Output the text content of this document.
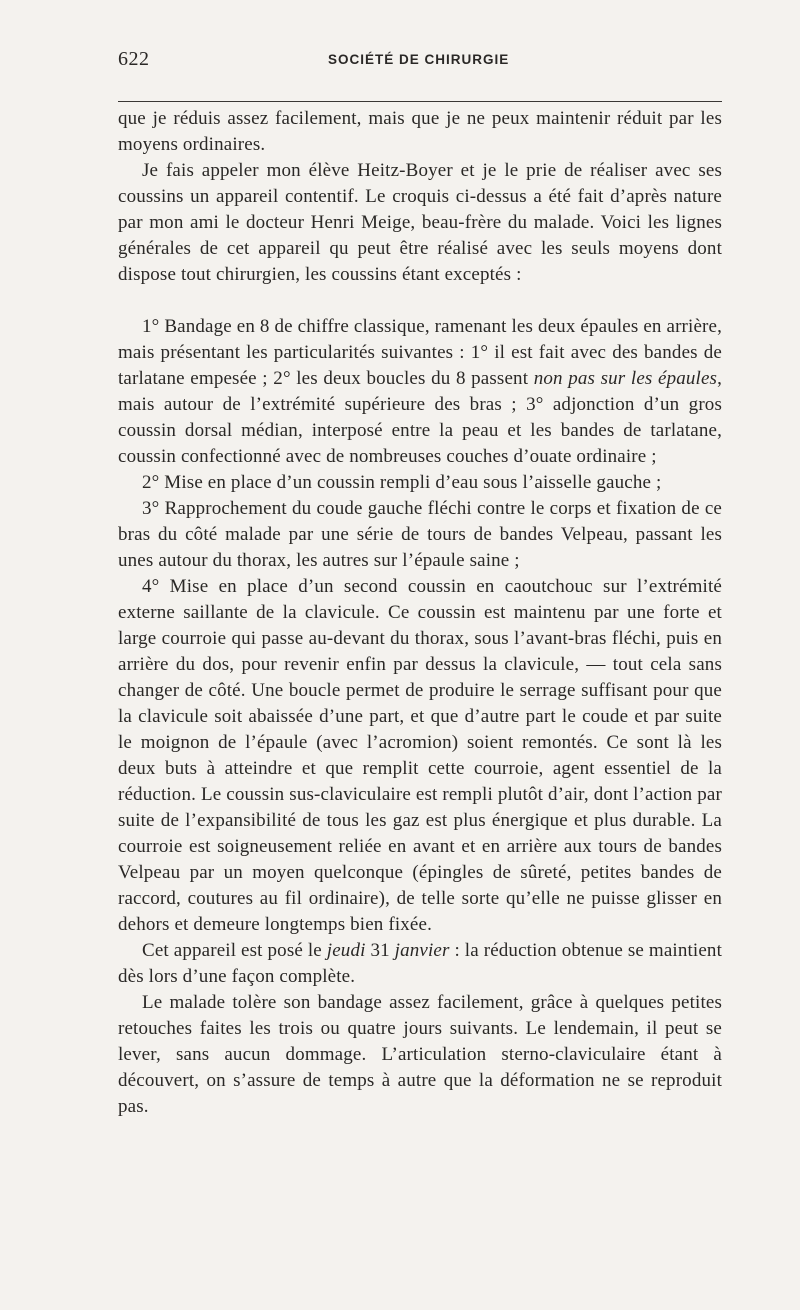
622	SOCIÉTÉ DE CHIRURGIE

que je réduis assez facilement, mais que je ne peux maintenir réduit par les moyens ordinaires.

Je fais appeler mon élève Heitz-Boyer et je le prie de réaliser avec ses coussins un appareil contentif. Le croquis ci-dessus a été fait d’après nature par mon ami le docteur Henri Meige, beau-frère du malade. Voici les lignes générales de cet appareil qu peut être réalisé avec les seuls moyens dont dispose tout chirurgien, les coussins étant exceptés :

1° Bandage en 8 de chiffre classique, ramenant les deux épaules en arrière, mais présentant les particularités suivantes : 1° il est fait avec des bandes de tarlatane empesée ; 2° les deux boucles du 8 passent non pas sur les épaules, mais autour de l’extrémité supérieure des bras ; 3° adjonction d’un gros coussin dorsal médian, interposé entre la peau et les bandes de tarlatane, coussin confectionné avec de nombreuses couches d’ouate ordinaire ;

2° Mise en place d’un coussin rempli d’eau sous l’aisselle gauche ;

3° Rapprochement du coude gauche fléchi contre le corps et fixation de ce bras du côté malade par une série de tours de bandes Velpeau, passant les unes autour du thorax, les autres sur l’épaule saine ;

4° Mise en place d’un second coussin en caoutchouc sur l’extrémité externe saillante de la clavicule. Ce coussin est maintenu par une forte et large courroie qui passe au-devant du thorax, sous l’avant-bras fléchi, puis en arrière du dos, pour revenir enfin par dessus la clavicule, — tout cela sans changer de côté. Une boucle permet de produire le serrage suffisant pour que la clavicule soit abaissée d’une part, et que d’autre part le coude et par suite le moignon de l’épaule (avec l’acromion) soient remontés. Ce sont là les deux buts à atteindre et que remplit cette courroie, agent essentiel de la réduction. Le coussin sus-claviculaire est rempli plutôt d’air, dont l’action par suite de l’expansibilité de tous les gaz est plus énergique et plus durable. La courroie est soigneusement reliée en avant et en arrière aux tours de bandes Velpeau par un moyen quelconque (épingles de sûreté, petites bandes de raccord, coutures au fil ordinaire), de telle sorte qu’elle ne puisse glisser en dehors et demeure longtemps bien fixée.

Cet appareil est posé le jeudi 31 janvier : la réduction obtenue se maintient dès lors d’une façon complète.

Le malade tolère son bandage assez facilement, grâce à quelques petites retouches faites les trois ou quatre jours suivants. Le lendemain, il peut se lever, sans aucun dommage. L’articulation sterno-claviculaire étant à découvert, on s’assure de temps à autre que la déformation ne se reproduit pas.
